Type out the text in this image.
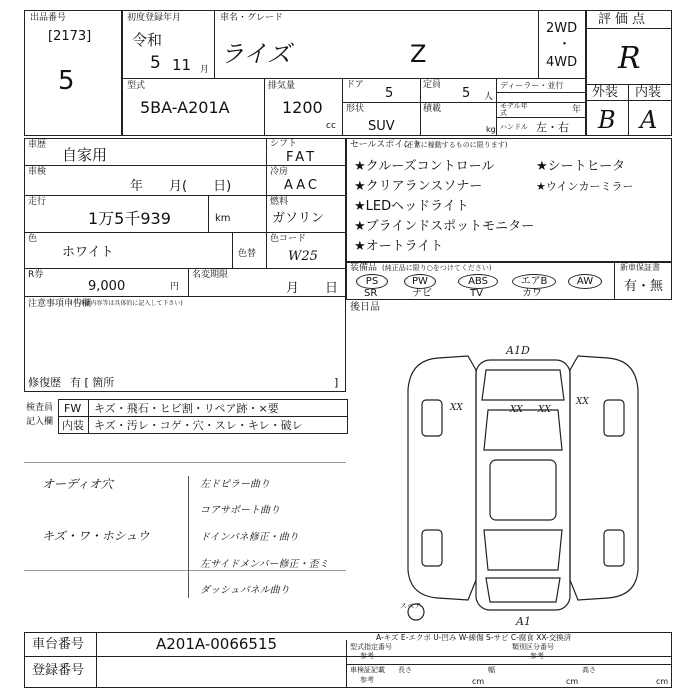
出品番号
[2173]
5
初度登録年月
令和
5 11 月
車名・グレード
ライズ	Z
2WD
・
4WD
型式
5BA-A201A
排気量
1200
cc
ドア
5
定員
5 人
ディーラー・並行
モデル年式	年
形状
SUV
積載
kg ハンドル 左・右
評価点
R
外装 内装
B A
車歴
自家用
シフト
FAT
車検
年　　月(　　日)
冷房
AAC
走行
1万5千939	km
燃料
ガソリン
色
ホワイト	色替
色コード
W25
R券
9,000	円
名変期限
月　　日
注意事項申告欄
(不具合内容等は具体的に記入して下さい)
修復歴 有 [ 箇所	]
セールスポイント
(正常に稼動するものに限ります)
★クルーズコントロール	★シートヒータ
★クリアランスソナー	★ウインカーミラー
★LEDヘッドライト
★ブラインドスポットモニター
★オートライト
装備品 (純正品に限り○をつけてください)
PS	PW	ABS	エアB	AW
SR	ナビ	TV	カワ
新車保証書
有・無
後日品
検査員
記入欄
FW キズ・飛石・ヒビ割・リペア跡・×要
内装 キズ・汚レ・コゲ・穴・スレ・キレ・破レ
オーディオ穴
キズ・ワ・ホシュウ
左ドピラー曲り
コアサポート曲り
ドインパネ修正・曲り
左サイドメンバー修正・歪ミ
ダッシュパネル曲り
A1D
A1
XX	XX
XX
XX
スペア
A-キズ E-エクボ U-凹み W-線傷 S-サビ C-腐食 XX-交換済
車台番号	A201A-0066515
登録番号
型式指定番号
参考
類別区分番号
参考
車検証記載
参考
長さ
cm
幅
cm
高さ
cm
